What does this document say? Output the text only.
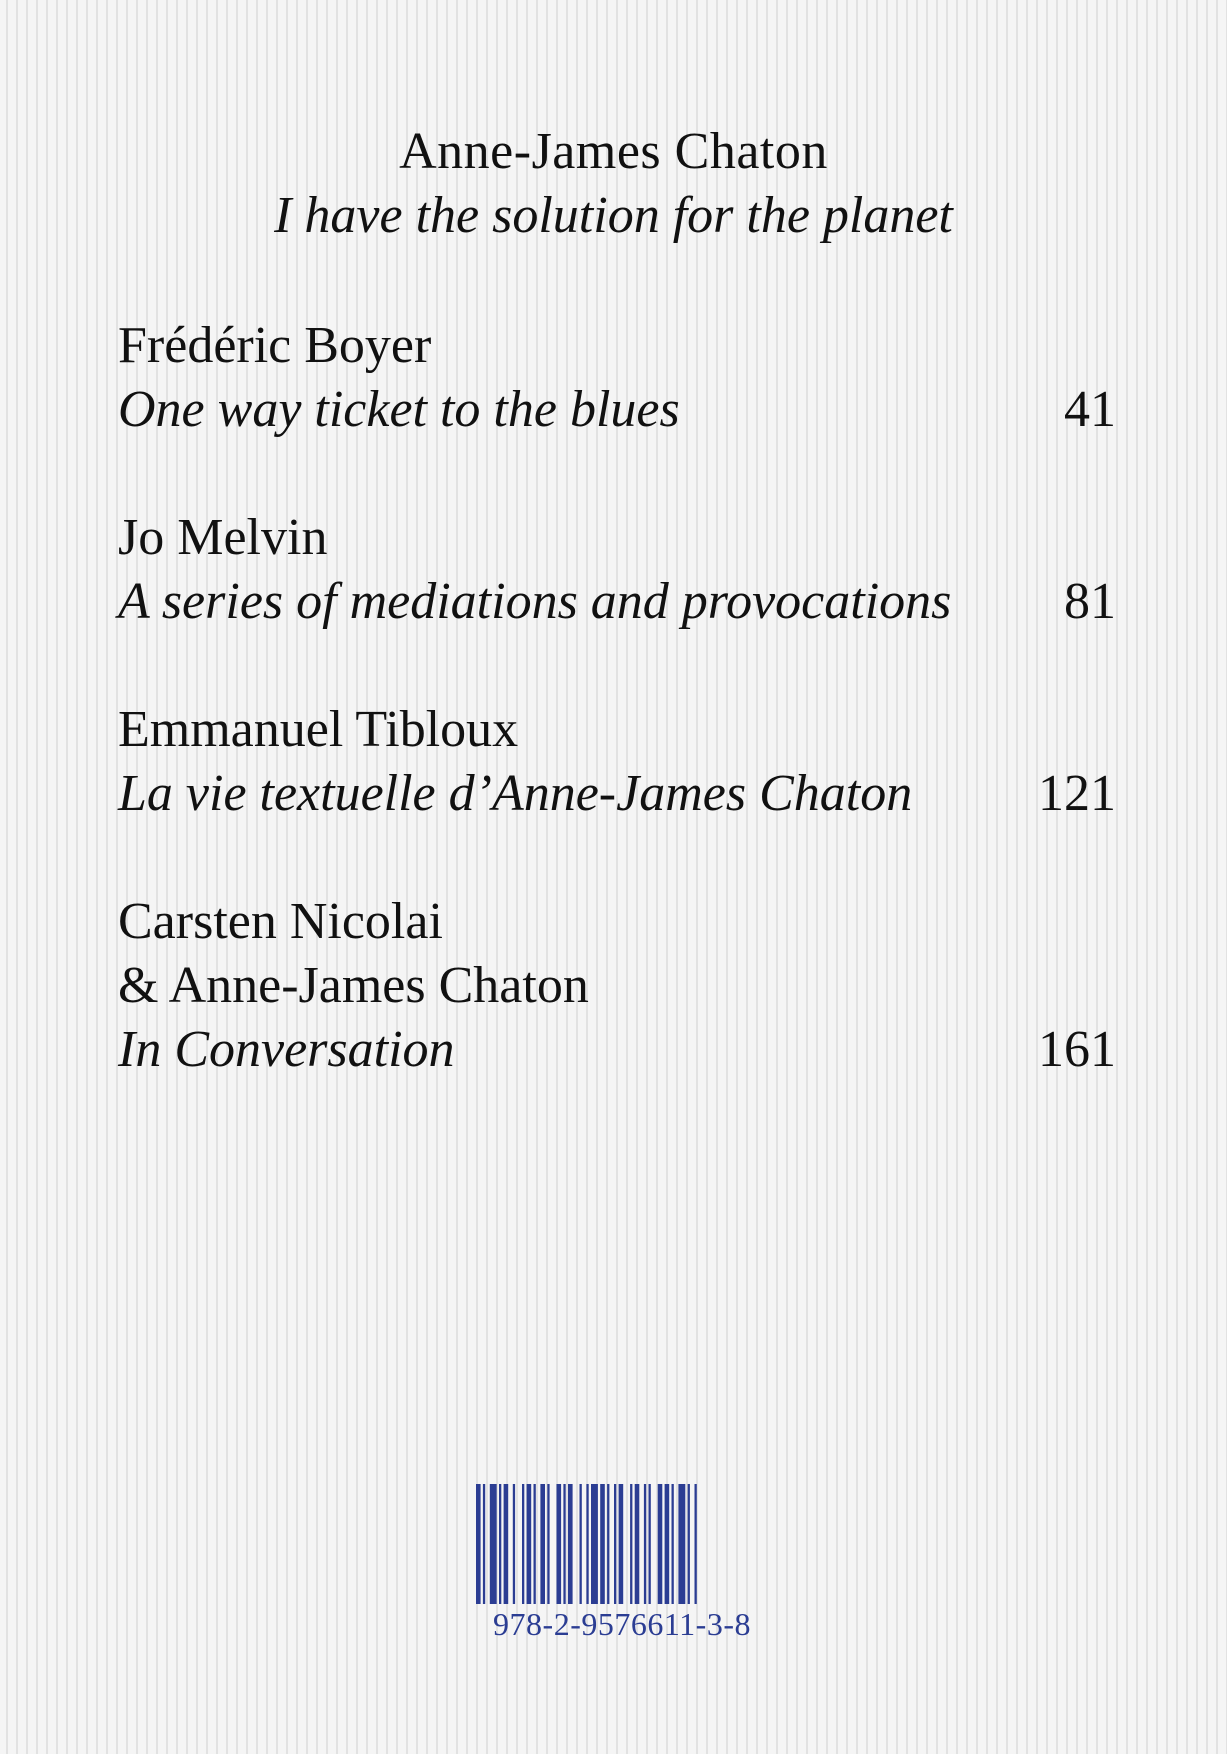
Anne-James Chaton
I have the solution for the planet
Frédéric Boyer
One way ticket to the blues	41
Jo Melvin
A series of mediations and provocations 81
Emmanuel Tibloux
La vie textuelle d’Anne-James Chaton 121
Carsten Nicolai
& Anne-James Chaton
In Conversation	161
978-2-9576611-3-8
